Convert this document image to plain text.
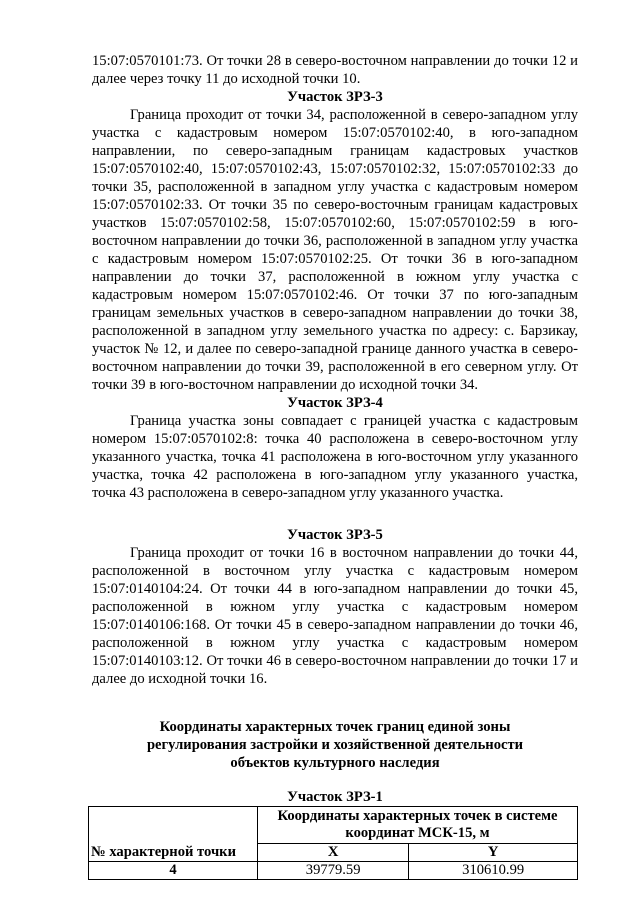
15:07:0570101:73. От точки 28 в северо-восточном направлении до точки 12 и далее через точку 11 до исходной точки 10.

Участок ЗРЗ-3

Граница проходит от точки 34, расположенной в северо-западном углу участка с кадастровым номером 15:07:0570102:40, в юго-западном направлении, по северо-западным границам кадастровых участков 15:07:0570102:40, 15:07:0570102:43, 15:07:0570102:32, 15:07:0570102:33 до точки 35, расположенной в западном углу участка с кадастровым номером 15:07:0570102:33. От точки 35 по северо-восточным границам кадастровых участков 15:07:0570102:58, 15:07:0570102:60, 15:07:0570102:59 в юго-восточном направлении до точки 36, расположенной в западном углу участка с кадастровым номером 15:07:0570102:25. От точки 36 в юго-западном направлении до точки 37, расположенной в южном углу участка с кадастровым номером 15:07:0570102:46. От точки 37 по юго-западным границам земельных участков в северо-западном направлении до точки 38, расположенной в западном углу земельного участка по адресу: с. Барзикау, участок № 12, и далее по северо-западной границе данного участка в северо-восточном направлении до точки 39, расположенной в его северном углу. От точки 39 в юго-восточном направлении до исходной точки 34.

Участок ЗРЗ-4

Граница участка зоны совпадает с границей участка с кадастровым номером 15:07:0570102:8: точка 40 расположена в северо-восточном углу указанного участка, точка 41 расположена в юго-восточном углу указанного участка, точка 42 расположена в юго-западном углу указанного участка, точка 43 расположена в северо-западном углу указанного участка.

Участок ЗРЗ-5

Граница проходит от точки 16 в восточном направлении до точки 44, расположенной в восточном углу участка с кадастровым номером 15:07:0140104:24. От точки 44 в юго-западном направлении до точки 45, расположенной в южном углу участка с кадастровым номером 15:07:0140106:168. От точки 45 в северо-западном направлении до точки 46, расположенной в южном углу участка с кадастровым номером 15:07:0140103:12. От точки 46 в северо-восточном направлении до точки 17 и далее до исходной точки 16.

Координаты характерных точек границ единой зоны

регулирования застройки и хозяйственной деятельности

объектов культурного наследия

Участок ЗРЗ-1

№ характерной точки	Координаты характерных точек в системе координат МСК-15, м	
	X	Y
4	39779.59	310610.99
